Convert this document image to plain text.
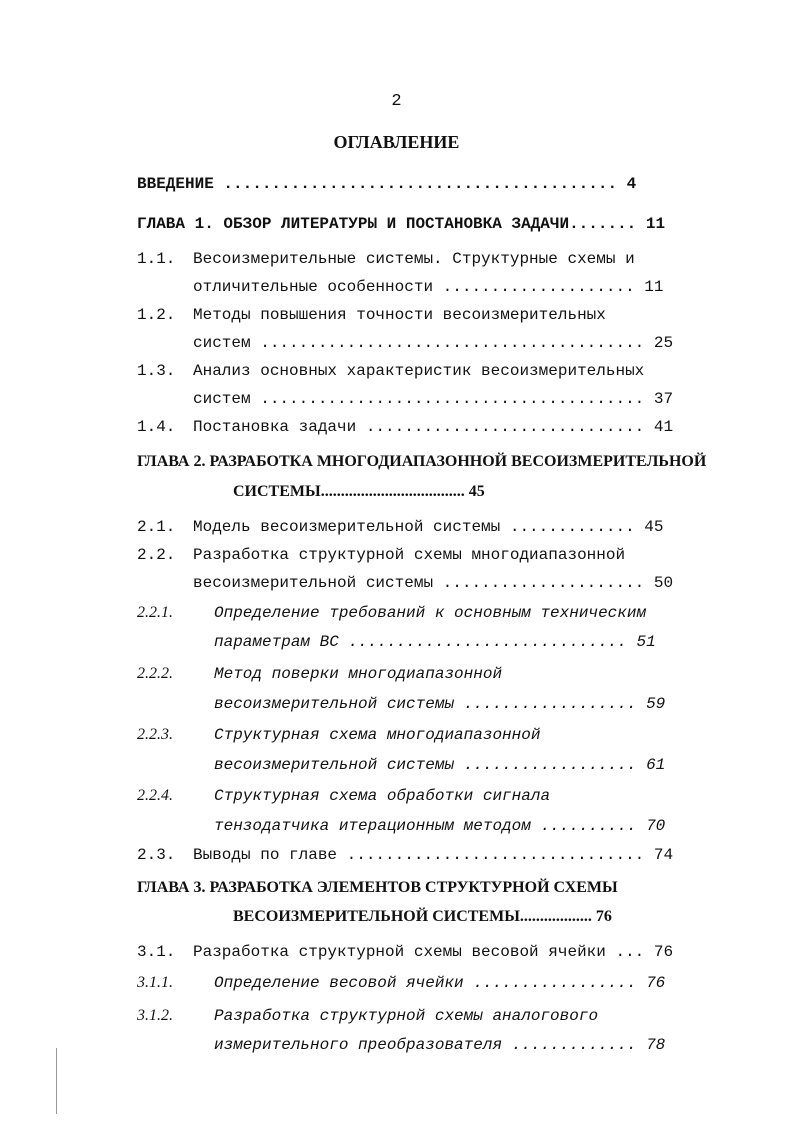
2
ОГЛАВЛЕНИЕ
ВВЕДЕНИЕ ......................................... 4
ГЛАВА 1. ОБЗОР ЛИТЕРАТУРЫ И ПОСТАНОВКА ЗАДАЧИ....... 11
1.1. Весоизмерительные системы. Структурные схемы и
отличительные особенности .................... 11
1.2. Методы повышения точности весоизмерительных
систем ........................................ 25
1.3. Анализ основных характеристик весоизмерительных
систем ........................................ 37
1.4. Постановка задачи ............................. 41
ГЛАВА 2. РАЗРАБОТКА МНОГОДИАПАЗОННОЙ ВЕСОИЗМЕРИТЕЛЬНОЙ
СИСТЕМЫ.................................... 45
2.1. Модель весоизмерительной системы ............. 45
2.2. Разработка структурной схемы многодиапазонной
весоизмерительной системы ..................... 50
2.2.1.	Определение требований к основным техническим
параметрам ВС ............................. 51
2.2.2.	Метод поверки многодиапазонной
весоизмерительной системы .................. 59
2.2.3.	Структурная схема многодиапазонной
весоизмерительной системы .................. 61
2.2.4.	Структурная схема обработки сигнала
тензодатчика итерационным методом .......... 70
2.3. Выводы по главе ............................... 74
ГЛАВА 3. РАЗРАБОТКА ЭЛЕМЕНТОВ СТРУКТУРНОЙ СХЕМЫ
ВЕСОИЗМЕРИТЕЛЬНОЙ СИСТЕМЫ.................. 76
3.1. Разработка структурной схемы весовой ячейки ... 76
3.1.1.	Определение весовой ячейки ................. 76
3.1.2.	Разработка структурной схемы аналогового
измерительного преобразователя ............. 78
